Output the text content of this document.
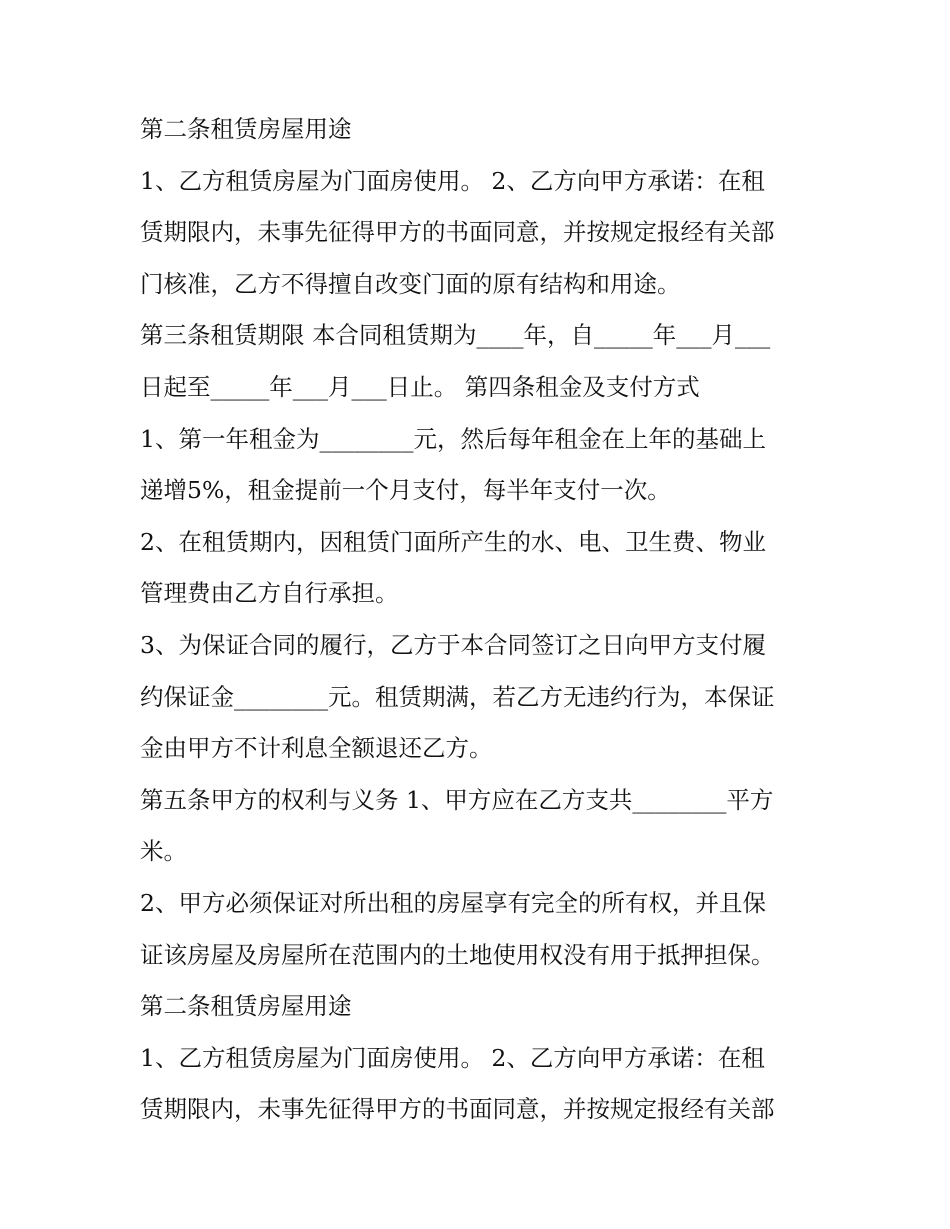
第二条租赁房屋用途
1、乙方租赁房屋为门面房使用。 2、乙方向甲方承诺：在租
赁期限内，未事先征得甲方的书面同意，并按规定报经有关部
门核准，乙方不得擅自改变门面的原有结构和用途。
第三条租赁期限 本合同租赁期为____年，自_____年___月___
日起至_____年___月___日止。 第四条租金及支付方式
1、第一年租金为________元，然后每年租金在上年的基础上
递增5%，租金提前一个月支付，每半年支付一次。
2、在租赁期内，因租赁门面所产生的水、电、卫生费、物业
管理费由乙方自行承担。
3、为保证合同的履行，乙方于本合同签订之日向甲方支付履
约保证金________元。租赁期满，若乙方无违约行为，本保证
金由甲方不计利息全额退还乙方。
第五条甲方的权利与义务 1、甲方应在乙方支共________平方
米。
2、甲方必须保证对所出租的房屋享有完全的所有权，并且保
证该房屋及房屋所在范围内的土地使用权没有用于抵押担保。
第二条租赁房屋用途
1、乙方租赁房屋为门面房使用。 2、乙方向甲方承诺：在租
赁期限内，未事先征得甲方的书面同意，并按规定报经有关部
